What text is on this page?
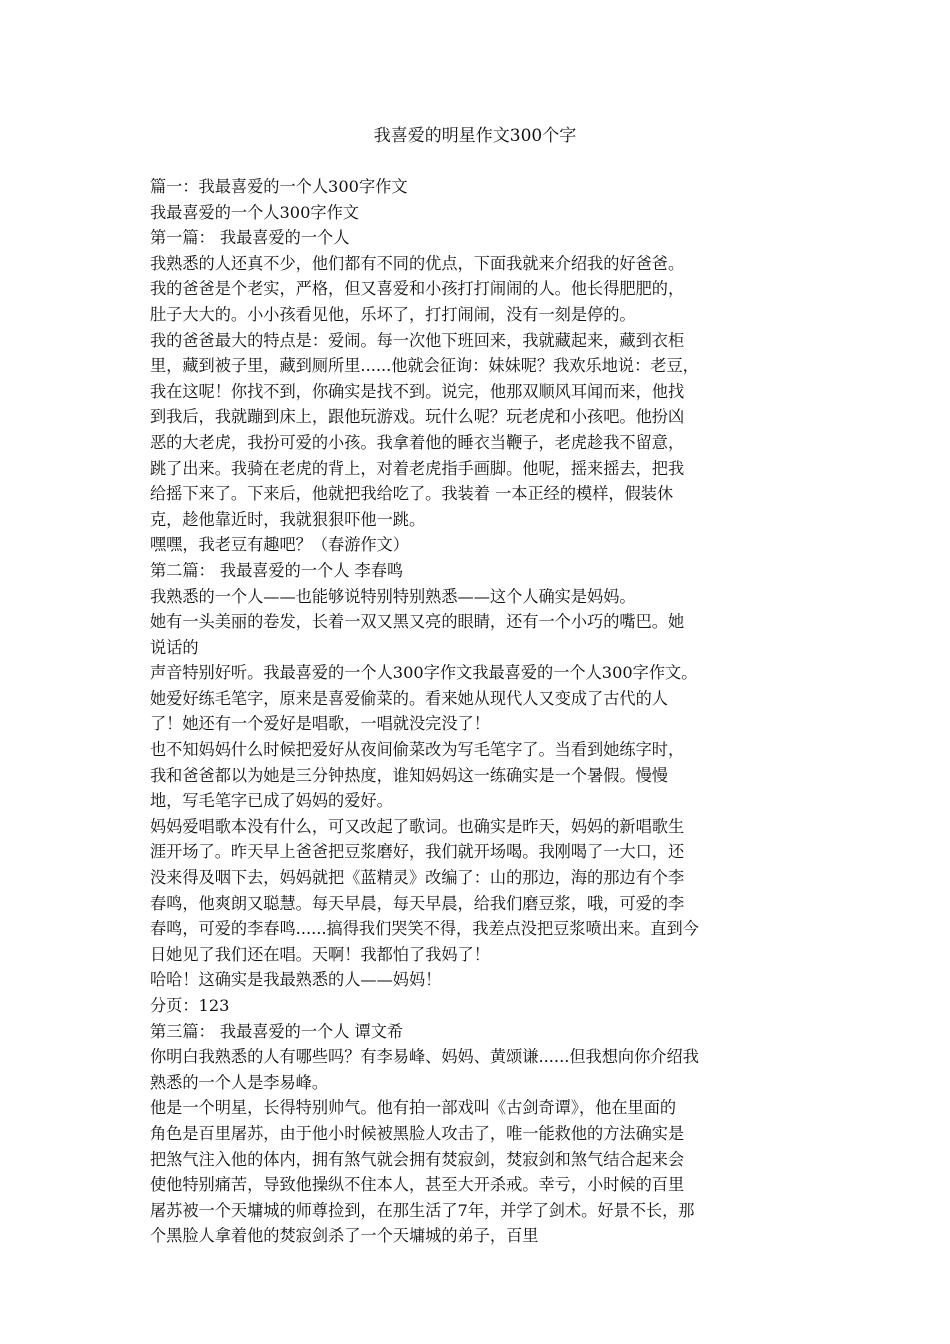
我喜爱的明星作文300个字
篇一：我最喜爱的一个人300字作文
我最喜爱的一个人300字作文
第一篇： 我最喜爱的一个人
我熟悉的人还真不少，他们都有不同的优点，下面我就来介绍我的好爸爸。
我的爸爸是个老实，严格，但又喜爱和小孩打打闹闹的人。他长得肥肥的，
肚子大大的。小小孩看见他，乐坏了，打打闹闹，没有一刻是停的。
我的爸爸最大的特点是：爱闹。每一次他下班回来，我就藏起来，藏到衣柜
里，藏到被子里，藏到厕所里......他就会征询：妹妹呢？我欢乐地说：老豆，
我在这呢！你找不到，你确实是找不到。说完，他那双顺风耳闻而来，他找
到我后，我就蹦到床上，跟他玩游戏。玩什么呢？玩老虎和小孩吧。他扮凶
恶的大老虎，我扮可爱的小孩。我拿着他的睡衣当鞭子，老虎趁我不留意，
跳了出来。我骑在老虎的背上，对着老虎指手画脚。他呢，摇来摇去，把我
给摇下来了。下来后，他就把我给吃了。我装着 一本正经的模样，假装休
克，趁他靠近时，我就狠狠吓他一跳。
嘿嘿，我老豆有趣吧？（春游作文）
第二篇： 我最喜爱的一个人 李春鸣
我熟悉的一个人——也能够说特别特别熟悉——这个人确实是妈妈。
她有一头美丽的卷发，长着一双又黑又亮的眼睛，还有一个小巧的嘴巴。她
说话的
声音特别好听。我最喜爱的一个人300字作文我最喜爱的一个人300字作文。
她爱好练毛笔字，原来是喜爱偷菜的。看来她从现代人又变成了古代的人
了！她还有一个爱好是唱歌，一唱就没完没了！
也不知妈妈什么时候把爱好从夜间偷菜改为写毛笔字了。当看到她练字时，
我和爸爸都以为她是三分钟热度，谁知妈妈这一练确实是一个暑假。慢慢
地，写毛笔字已成了妈妈的爱好。
妈妈爱唱歌本没有什么，可又改起了歌词。也确实是昨天，妈妈的新唱歌生
涯开场了。昨天早上爸爸把豆浆磨好，我们就开场喝。我刚喝了一大口，还
没来得及咽下去，妈妈就把《蓝精灵》改编了：山的那边，海的那边有个李
春鸣，他爽朗又聪慧。每天早晨，每天早晨，给我们磨豆浆，哦，可爱的李
春鸣，可爱的李春鸣......搞得我们哭笑不得，我差点没把豆浆喷出来。直到今
日她见了我们还在唱。天啊！我都怕了我妈了！
哈哈！这确实是我最熟悉的人——妈妈！
分页：123
第三篇： 我最喜爱的一个人 谭文希
你明白我熟悉的人有哪些吗？有李易峰、妈妈、黄颂谦......但我想向你介绍我
熟悉的一个人是李易峰。
他是一个明星，长得特别帅气。他有拍一部戏叫《古剑奇谭》，他在里面的
角色是百里屠苏，由于他小时候被黑脸人攻击了，唯一能救他的方法确实是
把煞气注入他的体内，拥有煞气就会拥有焚寂剑，焚寂剑和煞气结合起来会
使他特别痛苦，导致他操纵不住本人，甚至大开杀戒。幸亏，小时候的百里
屠苏被一个天墉城的师尊捡到，在那生活了7年，并学了剑术。好景不长，那
个黑脸人拿着他的焚寂剑杀了一个天墉城的弟子，百里
